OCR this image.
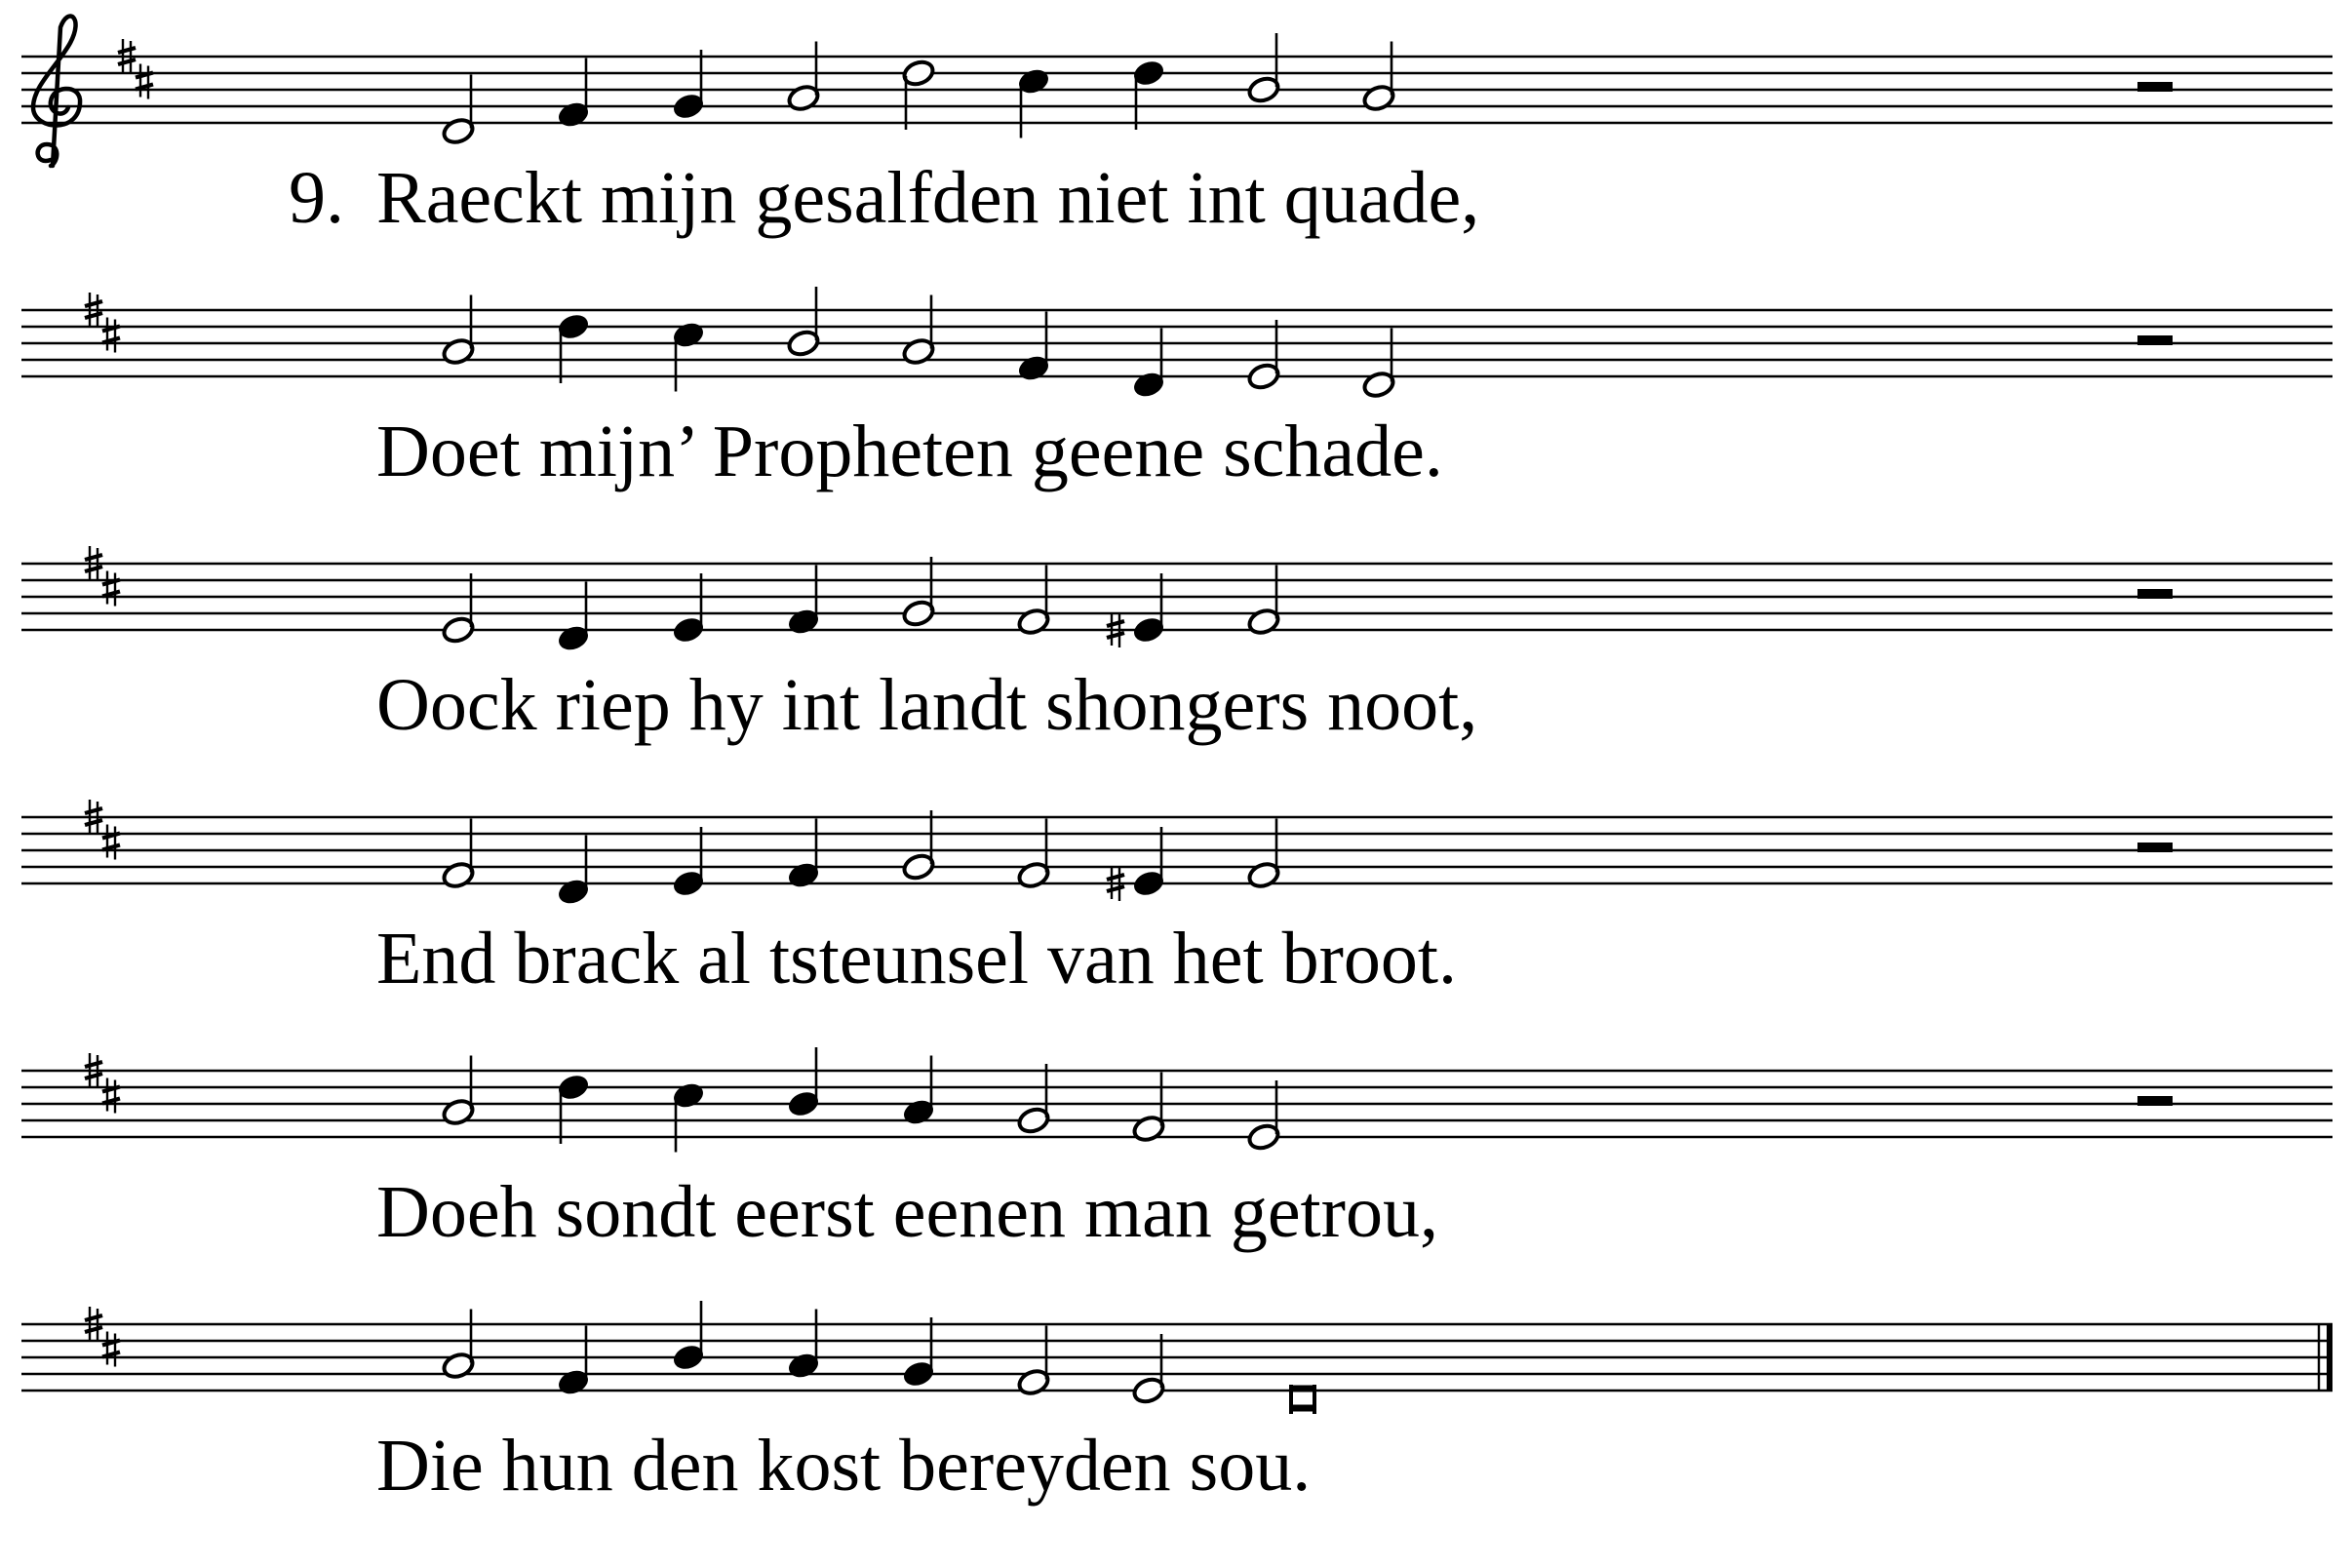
9. Raeckt mijn gesalfden niet int quade,
Doet mijn’ Propheten geene schade.
Oock riep hy int landt shongers noot,
End brack al tsteunsel van het broot.
Doeh sondt eerst eenen man getrou,
Die hun den kost bereyden sou.
